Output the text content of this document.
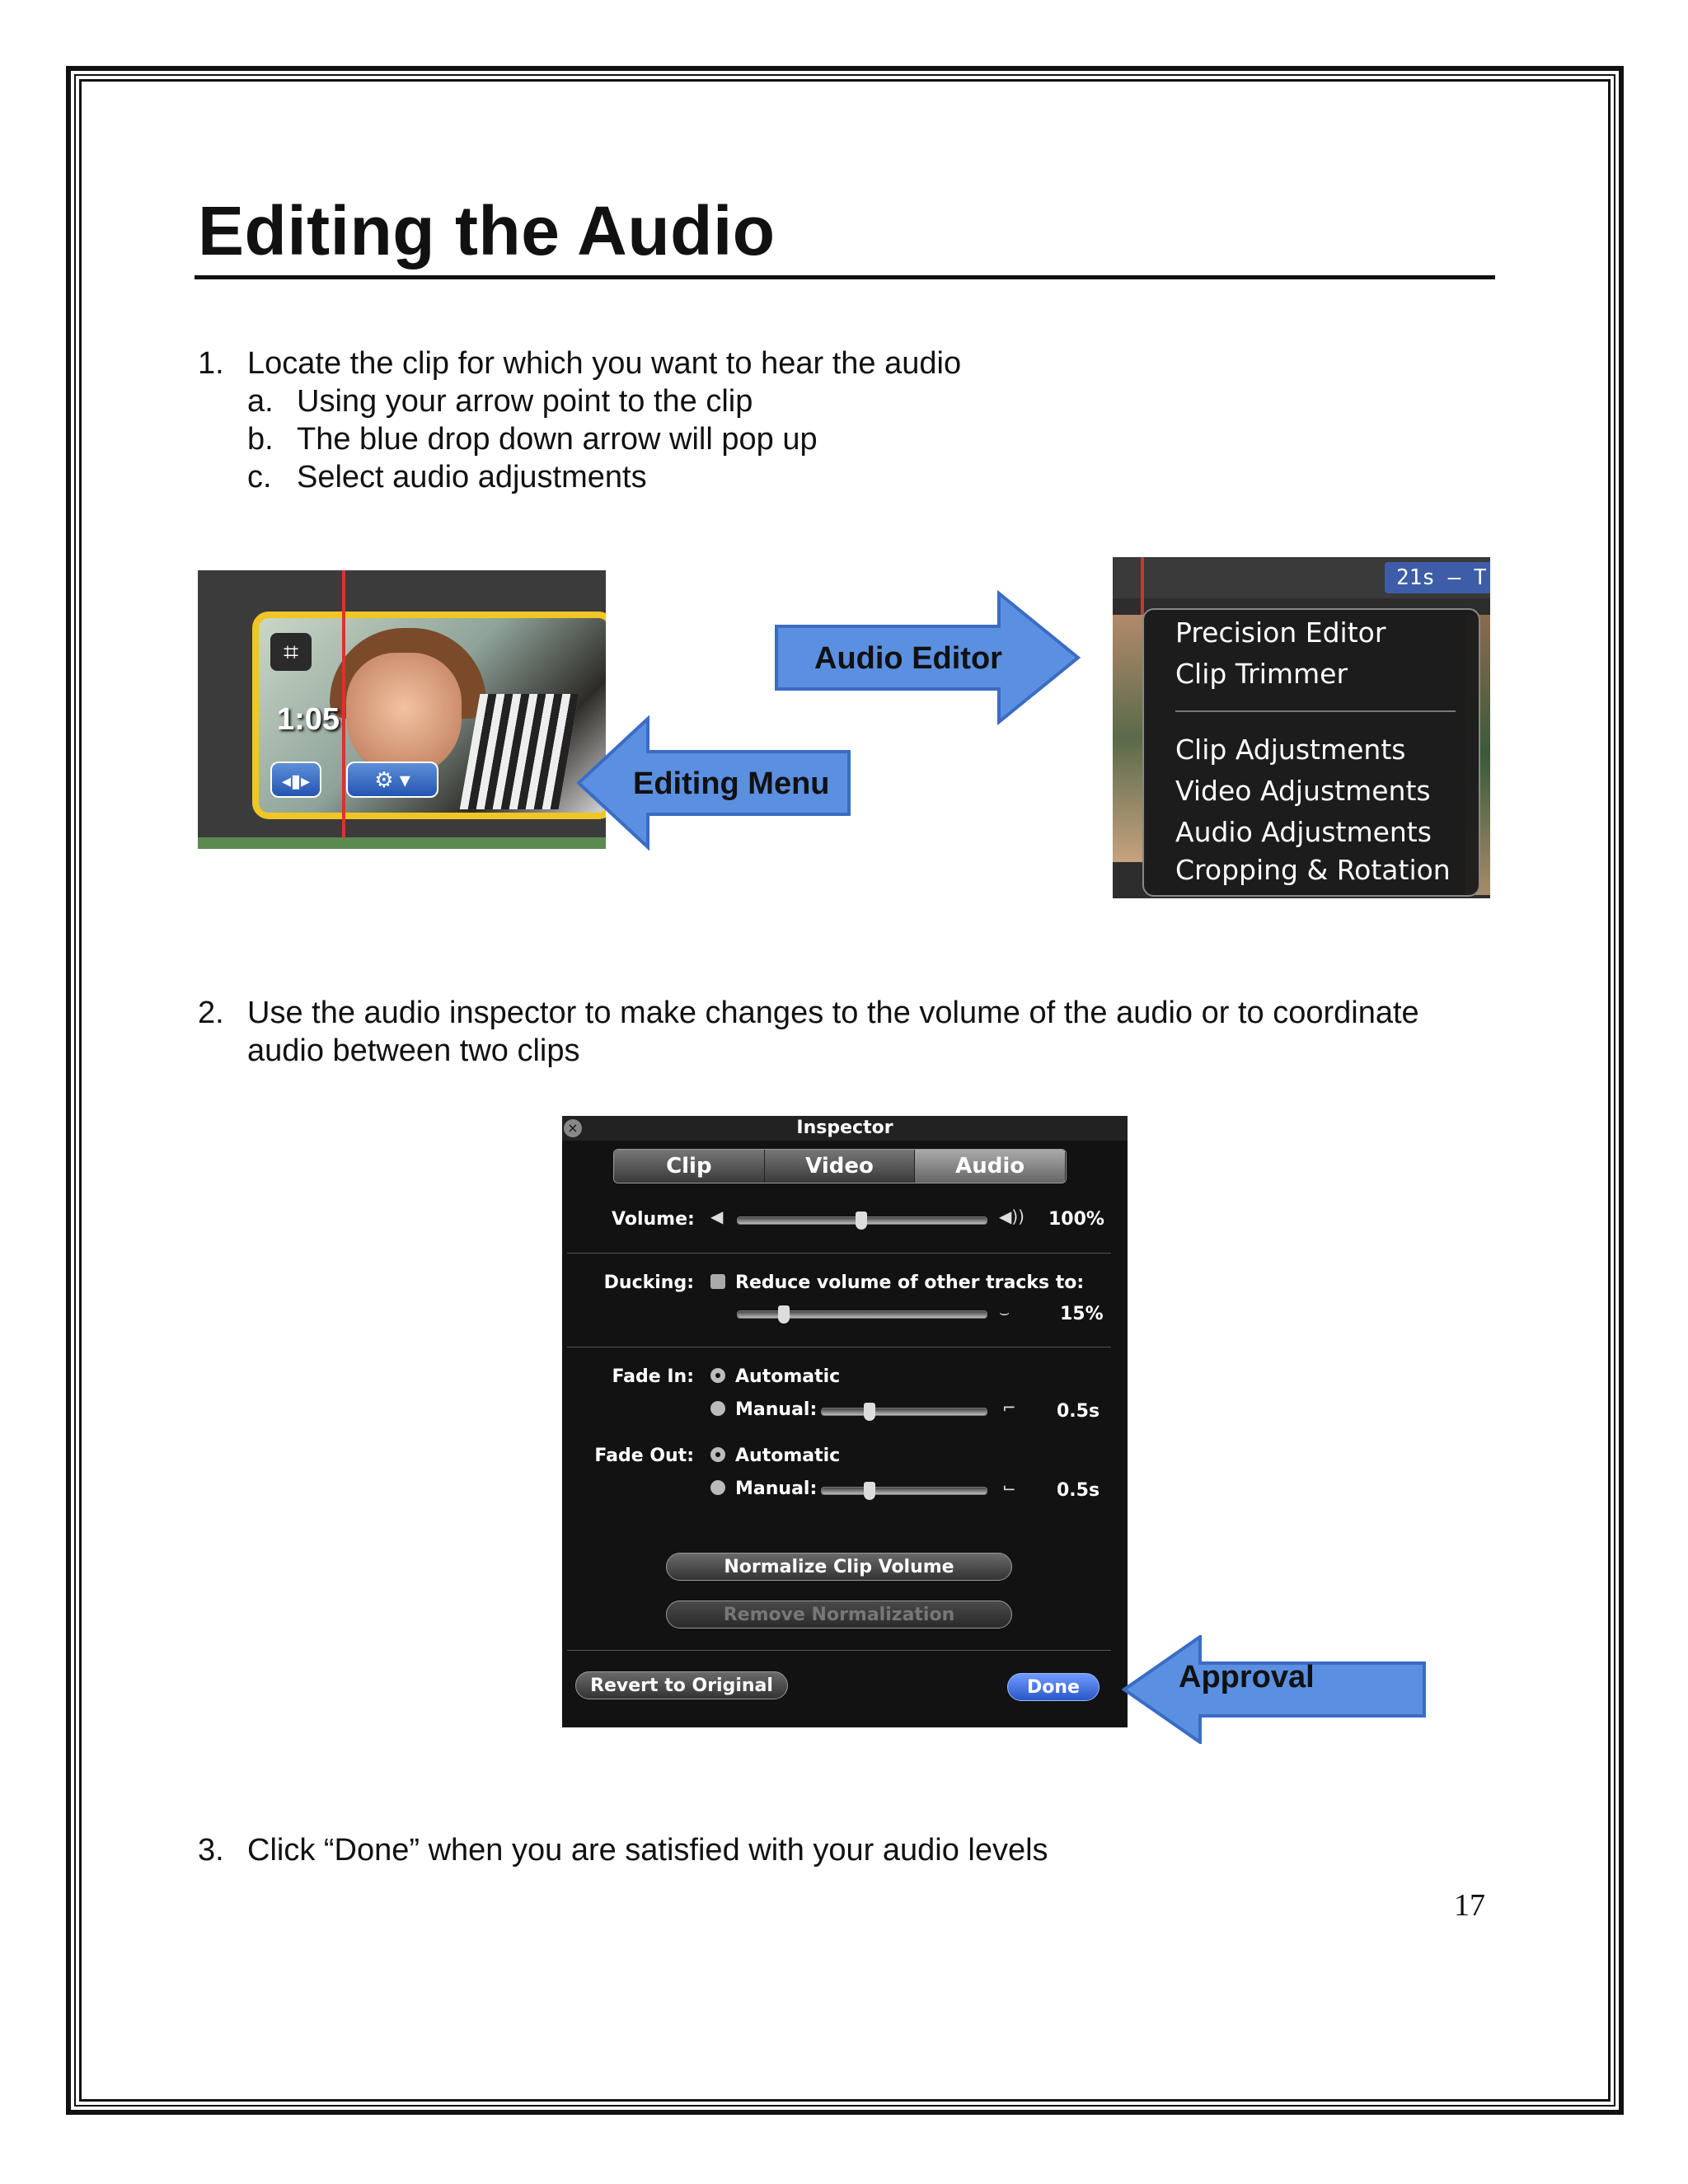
Editing the Audio
1. Locate the clip for which you want to hear the audio
a. Using your arrow point to the clip
b. The blue drop down arrow will pop up
c. Select audio adjustments
⌗
1:05
◂▮▸	⚙ ▾
Audio Editor
Editing Menu
21s – T
Precision Editor
Clip Trimmer
Clip Adjustments
Video Adjustments
Audio Adjustments
Cropping & Rotation
2. Use the audio inspector to make changes to the volume of the audio or to coordinate
audio between two clips
Inspector
×
Clip	Video	Audio
Volume: ◀	◀)) 100%
Ducking: Reduce volume of other tracks to:
⌣	15%
Fade In: Automatic
Manual:	⌐ 0.5s
Fade Out: Automatic
Manual:	⌙ 0.5s
Normalize Clip Volume
Remove Normalization
Revert to Original	Done	Approval
3. Click “Done” when you are satisfied with your audio levels
17
